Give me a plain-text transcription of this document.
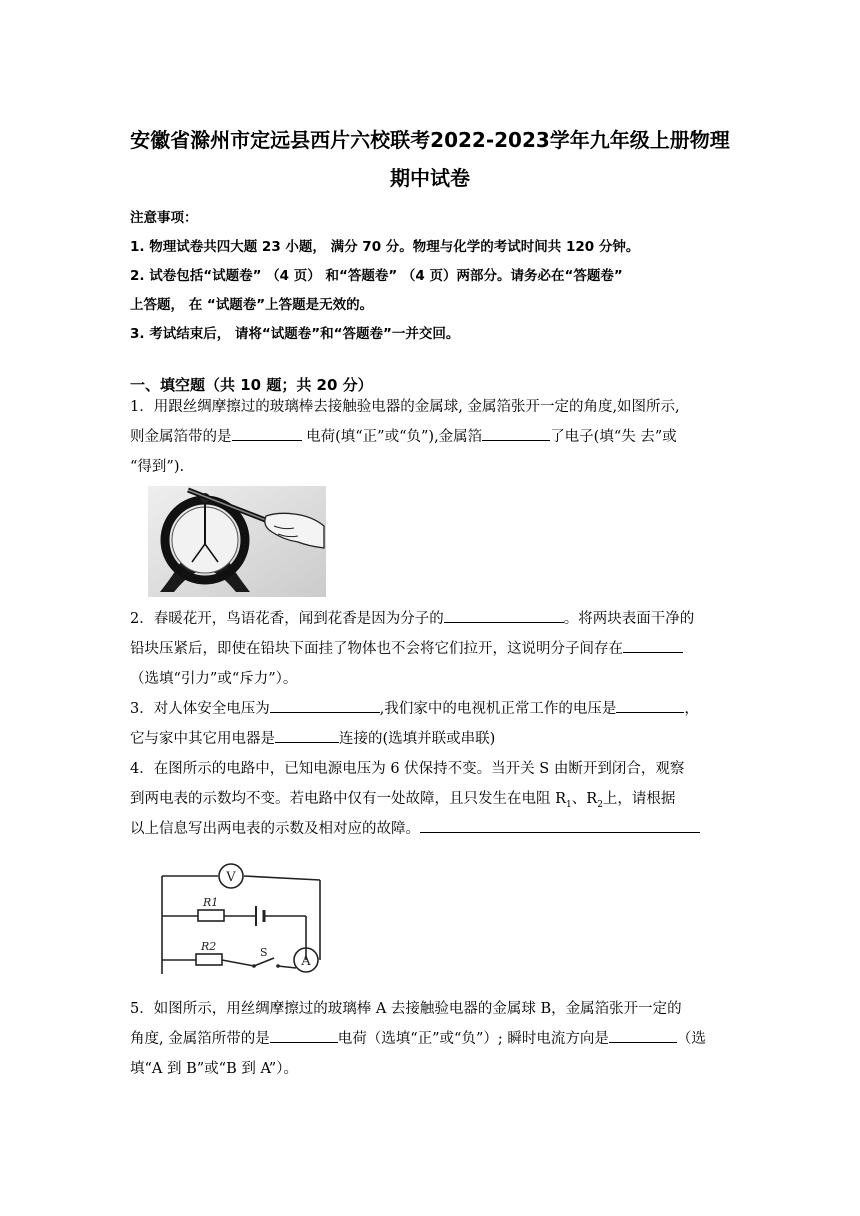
安徽省滁州市定远县西片六校联考2022-2023学年九年级上册物理
期中试卷
注意事项：
1. 物理试卷共四大题 23 小题， 满分 70 分。物理与化学的考试时间共 120 分钟。
2. 试卷包括“试题卷” （4 页） 和“答题卷” （4 页）两部分。请务必在“答题卷”
上答题， 在 “试题卷”上答题是无效的。
3. 考试结束后， 请将“试题卷”和“答题卷”一并交回。
一、填空题（共 10 题；共 20 分）
1．用跟丝绸摩擦过的玻璃棒去接触验电器的金属球, 金属箔张开一定的角度,如图所示,
则金属箔带的是	电荷(填“正”或“负”),金属箔	了电子(填“失 去”或
“得到”).
2．春暖花开，鸟语花香，闻到花香是因为分子的	。将两块表面干净的
铅块压紧后，即使在铅块下面挂了物体也不会将它们拉开，这说明分子间存在
（选填“引力”或“斥力”）。
3．对人体安全电压为	,我们家中的电视机正常工作的电压是	，
它与家中其它用电器是	连接的(选填并联或串联)
4．在图所示的电路中，已知电源电压为 6 伏保持不变。当开关 S 由断开到闭合，观察
到两电表的示数均不变。若电路中仅有一处故障，且只发生在电阻 $R_1$、$R_2$上，请根据
以上信息写出两电表的示数及相对应的故障。
V
A
R1
R2	S
5．如图所示，用丝绸摩擦过的玻璃棒 A 去接触验电器的金属球 B，金属箔张开一定的
角度, 金属箔所带的是	电荷（选填“正”或“负”）; 瞬时电流方向是	（选
填“A 到 B”或“B 到 A”）。
